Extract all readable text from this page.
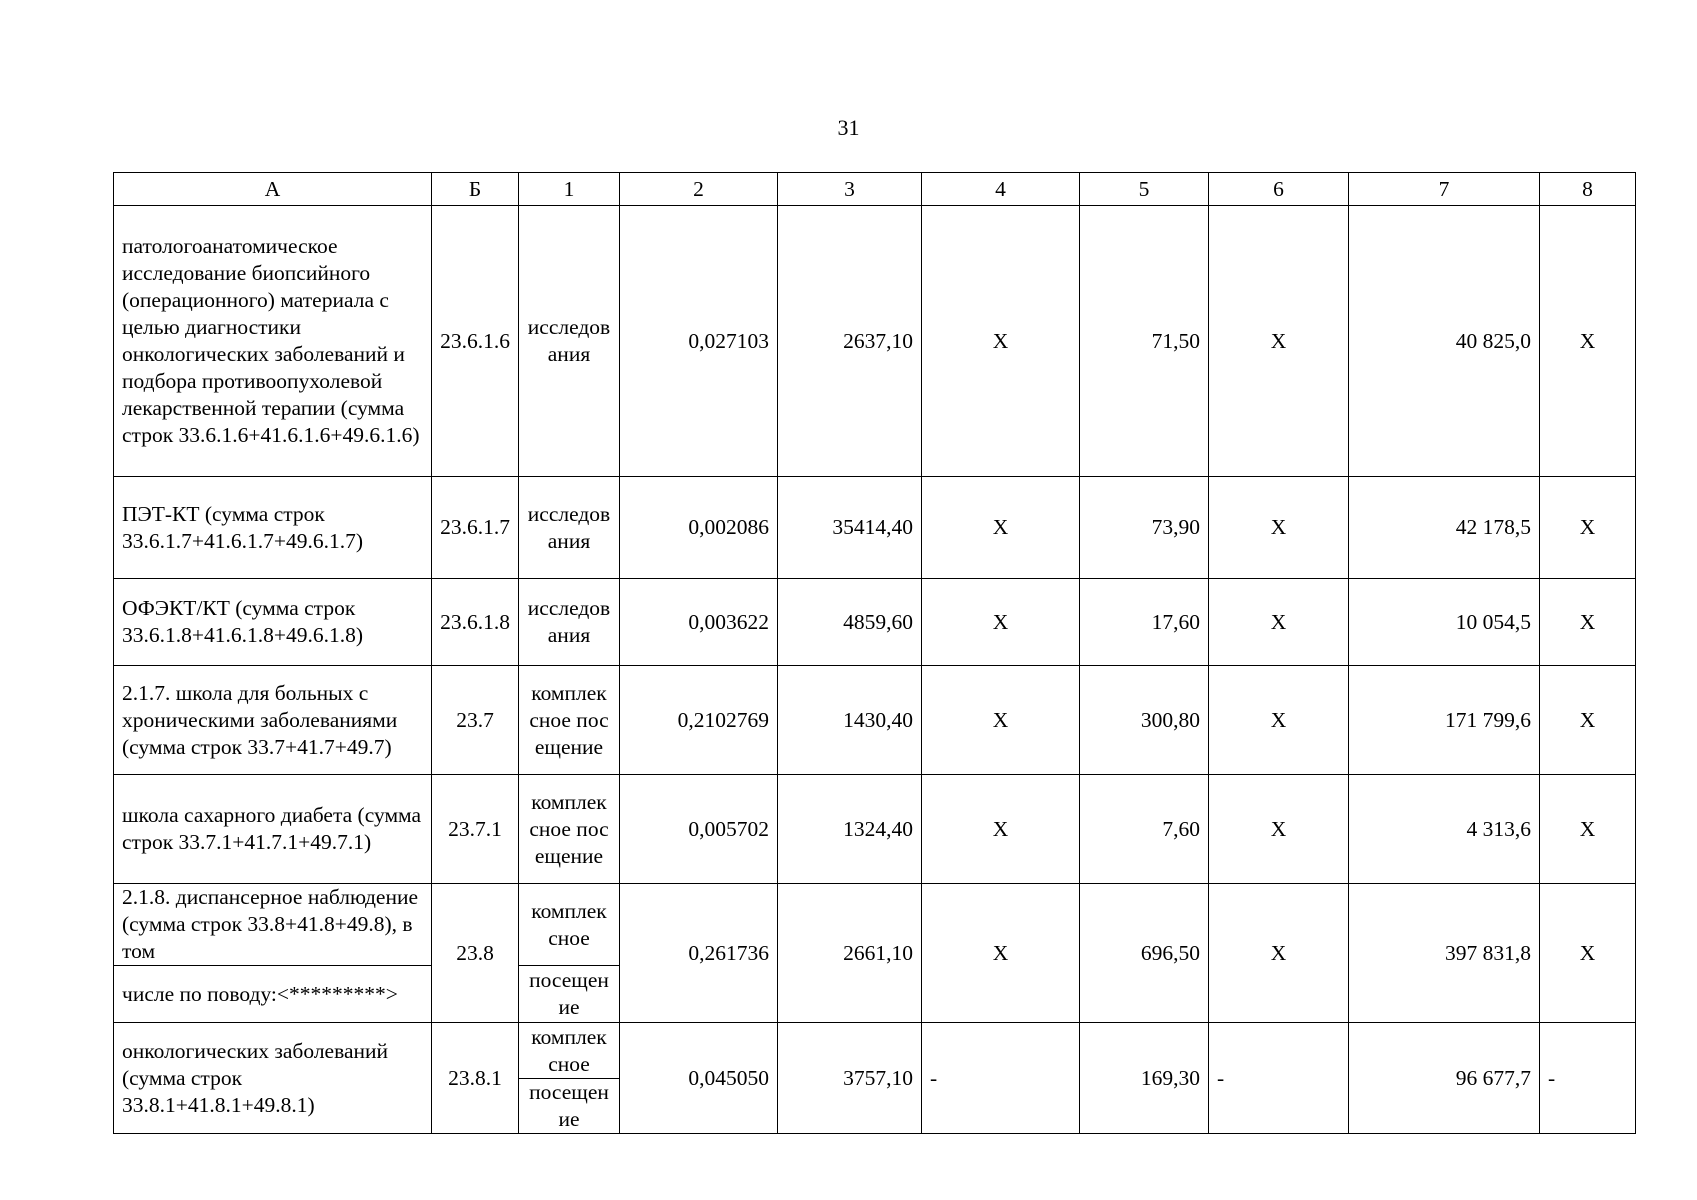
31
А	Б	1	2	3	4	5	6	7	8
патологоанатомическое исследование биопсийного (операционного) материала с целью диагностики онкологических заболеваний и подбора противоопухолевой лекарственной терапии (сумма строк 33.6.1.6+41.6.1.6+49.6.1.6)	23.6.1.6	исследования	0,027103	2637,10	X	71,50	X	40 825,0	X
ПЭТ-КТ (сумма строк 33.6.1.7+41.6.1.7+49.6.1.7)	23.6.1.7	исследования	0,002086	35414,40	X	73,90	X	42 178,5	X
ОФЭКТ/КТ (сумма строк 33.6.1.8+41.6.1.8+49.6.1.8)	23.6.1.8	исследования	0,003622	4859,60	X	17,60	X	10 054,5	X
2.1.7. школа для больных с хроническими заболеваниями (сумма строк 33.7+41.7+49.7)	23.7	комплексное посещение	0,2102769	1430,40	X	300,80	X	171 799,6	X
школа сахарного диабета (сумма строк 33.7.1+41.7.1+49.7.1)	23.7.1	комплексное посещение	0,005702	1324,40	X	7,60	X	4 313,6	X
2.1.8. диспансерное наблюдение (сумма строк 33.8+41.8+49.8), в том	23.8	комплексное	0,261736	2661,10	X	696,50	X	397 831,8	X
числе по поводу:<*********>		посещение							
онкологических заболеваний (сумма строк 33.8.1+41.8.1+49.8.1)	23.8.1	комплексное	0,045050	3757,10	-	169,30	-	96 677,7	-
		посещение							
